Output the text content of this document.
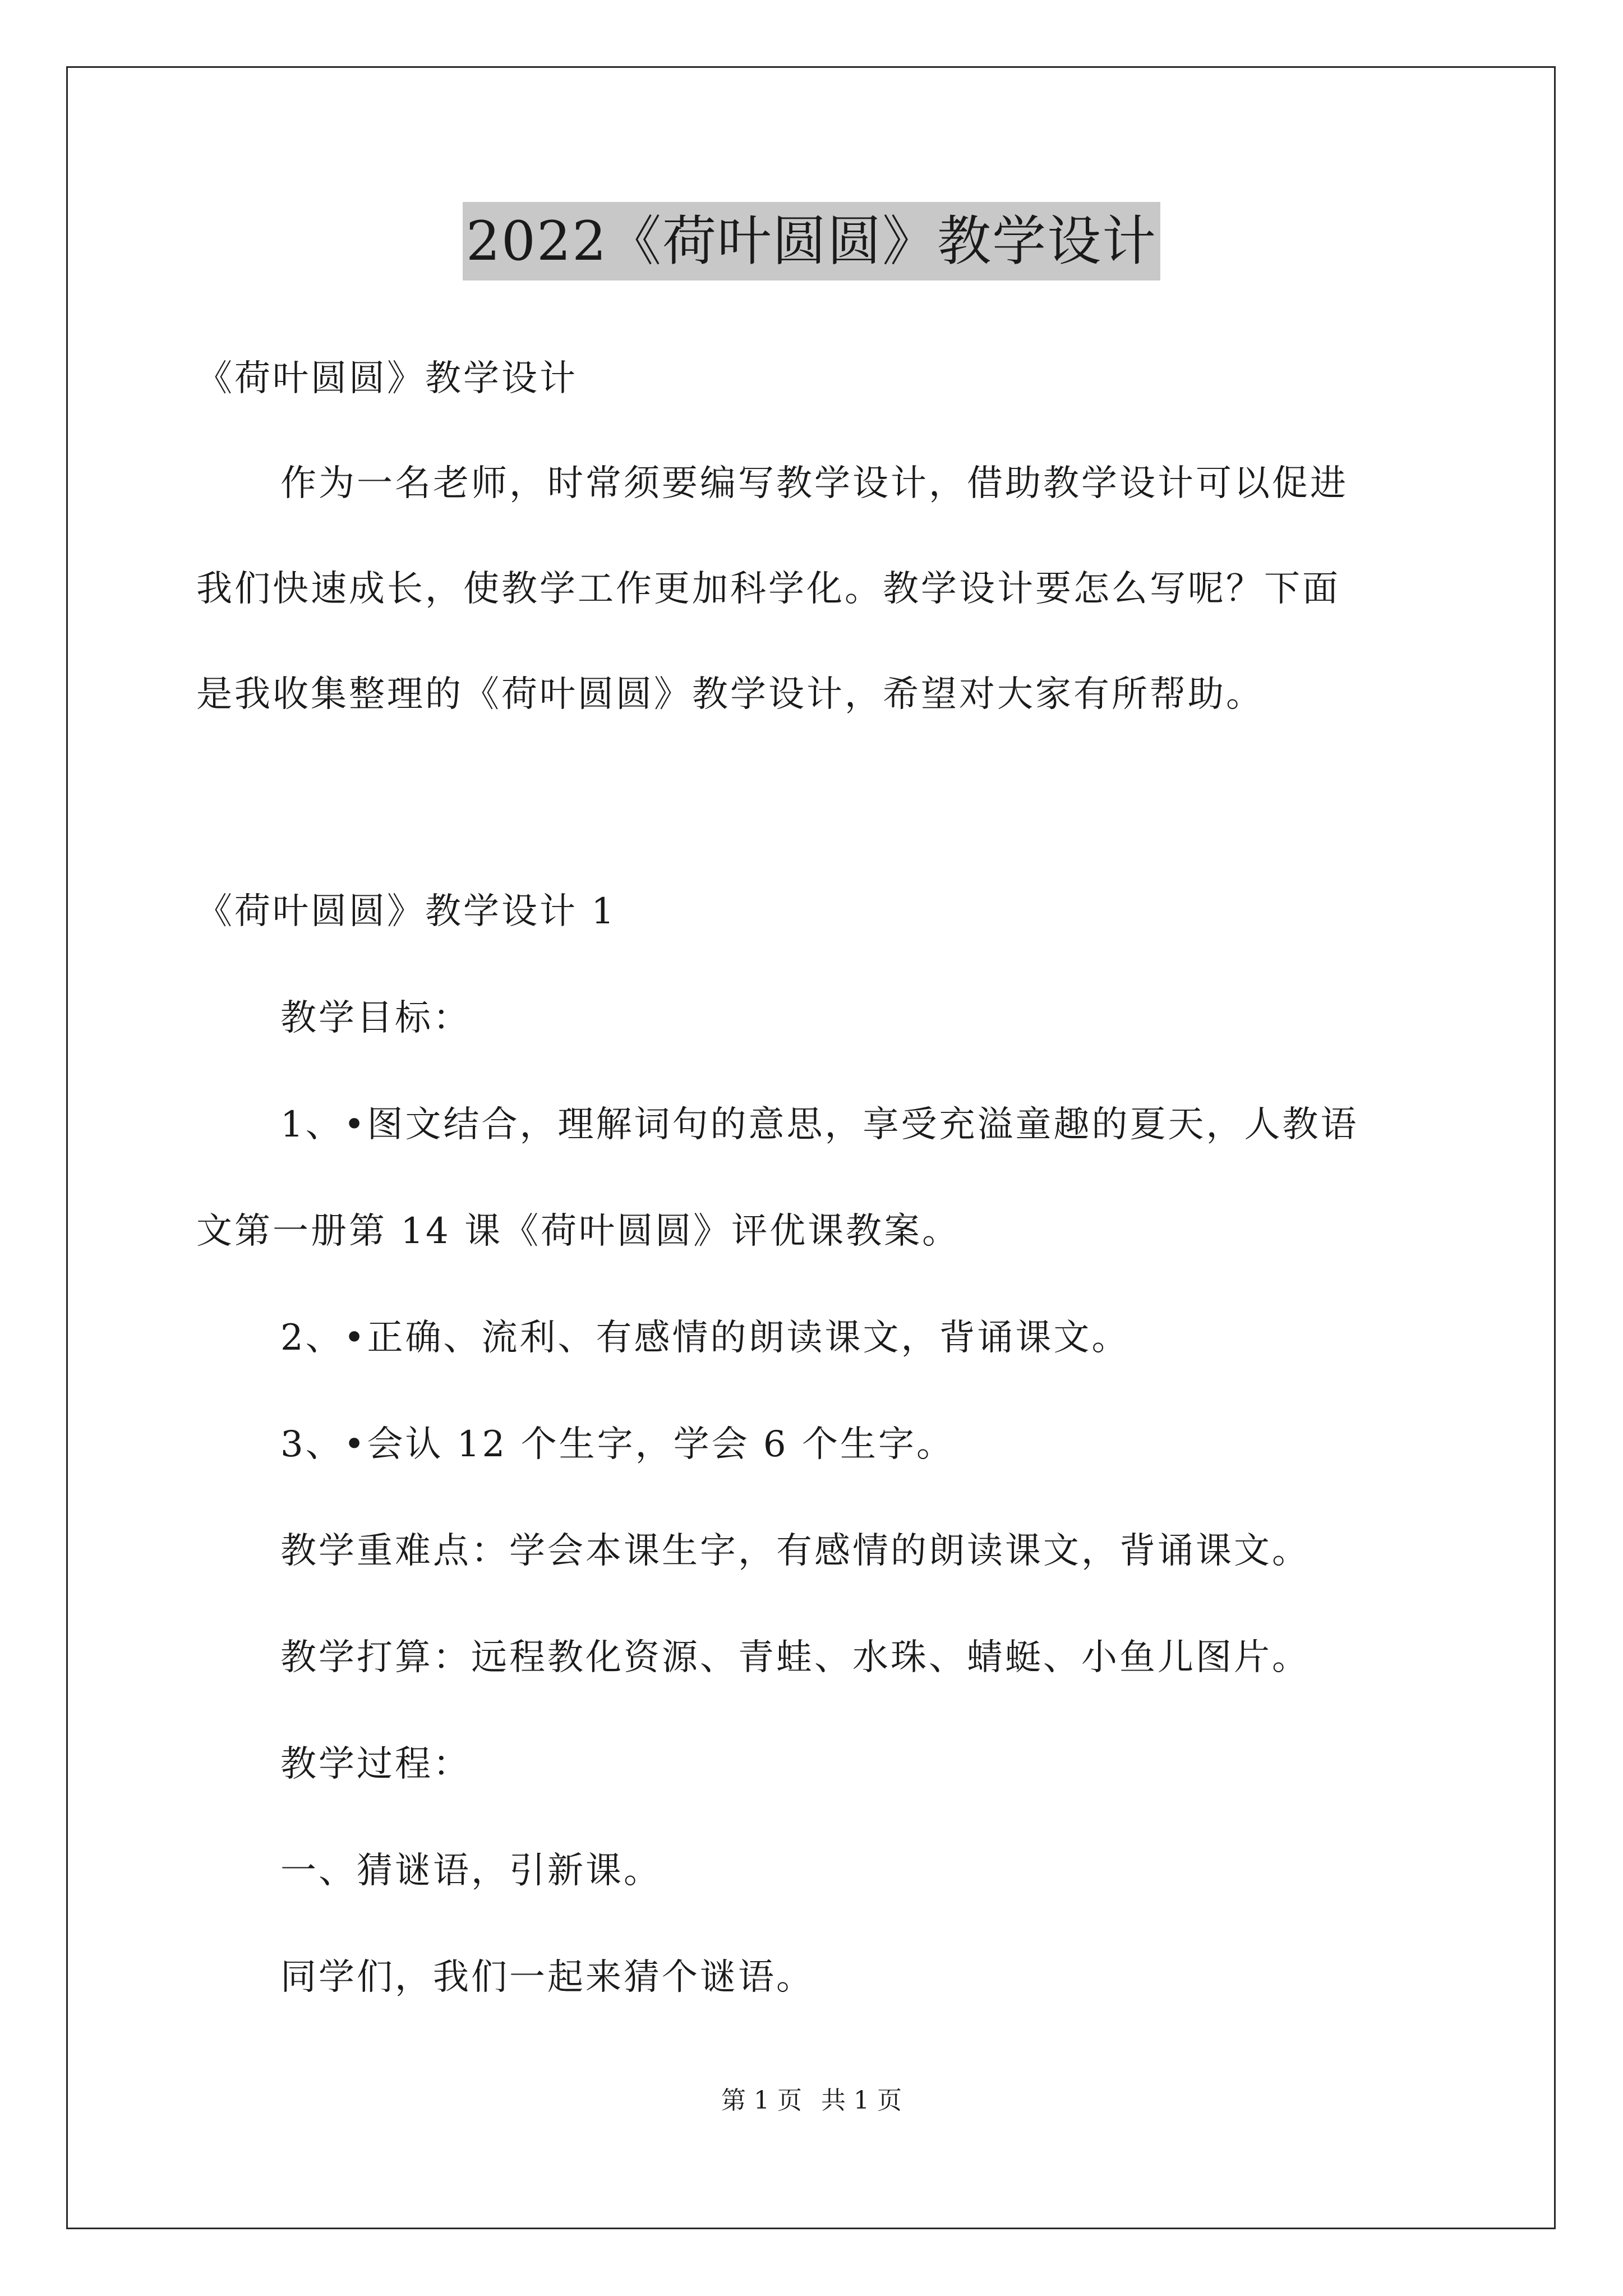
2022《荷叶圆圆》教学设计
《荷叶圆圆》教学设计
作为一名老师，时常须要编写教学设计，借助教学设计可以促进
我们快速成长，使教学工作更加科学化。教学设计要怎么写呢？下面
是我收集整理的《荷叶圆圆》教学设计，希望对大家有所帮助。
《荷叶圆圆》教学设计 1
教学目标：
1、•图文结合，理解词句的意思，享受充溢童趣的夏天，人教语
文第一册第 14 课《荷叶圆圆》评优课教案。
2、•正确、流利、有感情的朗读课文，背诵课文。
3、•会认 12 个生字，学会 6 个生字。
教学重难点：学会本课生字，有感情的朗读课文，背诵课文。
教学打算：远程教化资源、青蛙、水珠、蜻蜓、小鱼儿图片。
教学过程：
一、猜谜语，引新课。
同学们，我们一起来猜个谜语。
第 1 页 共 1 页
